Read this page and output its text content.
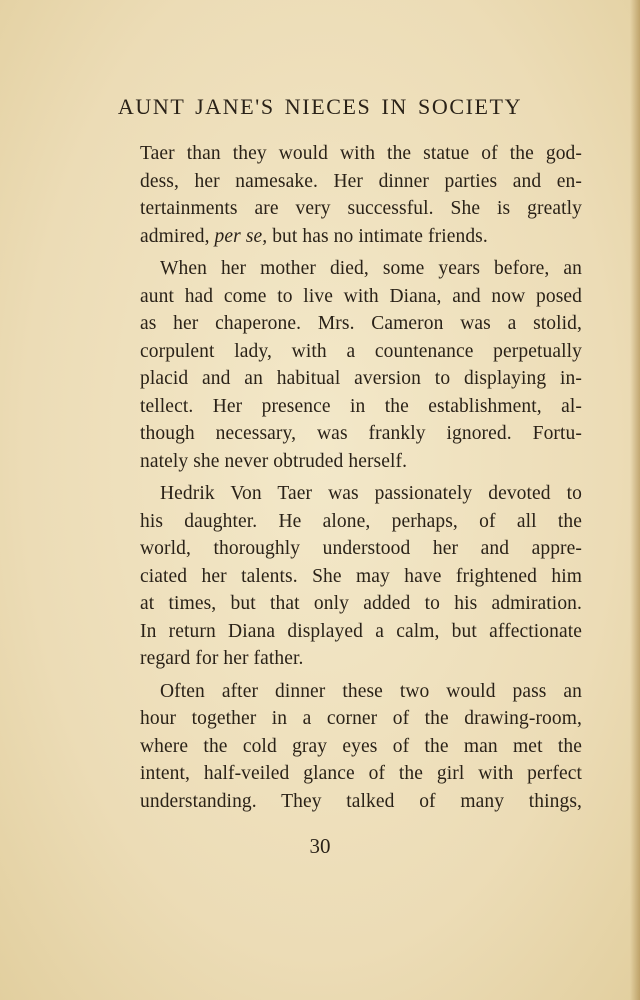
AUNT JANE'S NIECES IN SOCIETY
Taer than they would with the statue of the god-
dess, her namesake. Her dinner parties and en-
tertainments are very successful. She is greatly
admired, per se, but has no intimate friends.
When her mother died, some years before, an
aunt had come to live with Diana, and now posed
as her chaperone. Mrs. Cameron was a stolid,
corpulent lady, with a countenance perpetually
placid and an habitual aversion to displaying in-
tellect. Her presence in the establishment, al-
though necessary, was frankly ignored. Fortu-
nately she never obtruded herself.
Hedrik Von Taer was passionately devoted to
his daughter. He alone, perhaps, of all the
world, thoroughly understood her and appre-
ciated her talents. She may have frightened him
at times, but that only added to his admiration.
In return Diana displayed a calm, but affectionate
regard for her father.
Often after dinner these two would pass an
hour together in a corner of the drawing-room,
where the cold gray eyes of the man met the
intent, half-veiled glance of the girl with perfect
understanding. They talked of many things,
30
